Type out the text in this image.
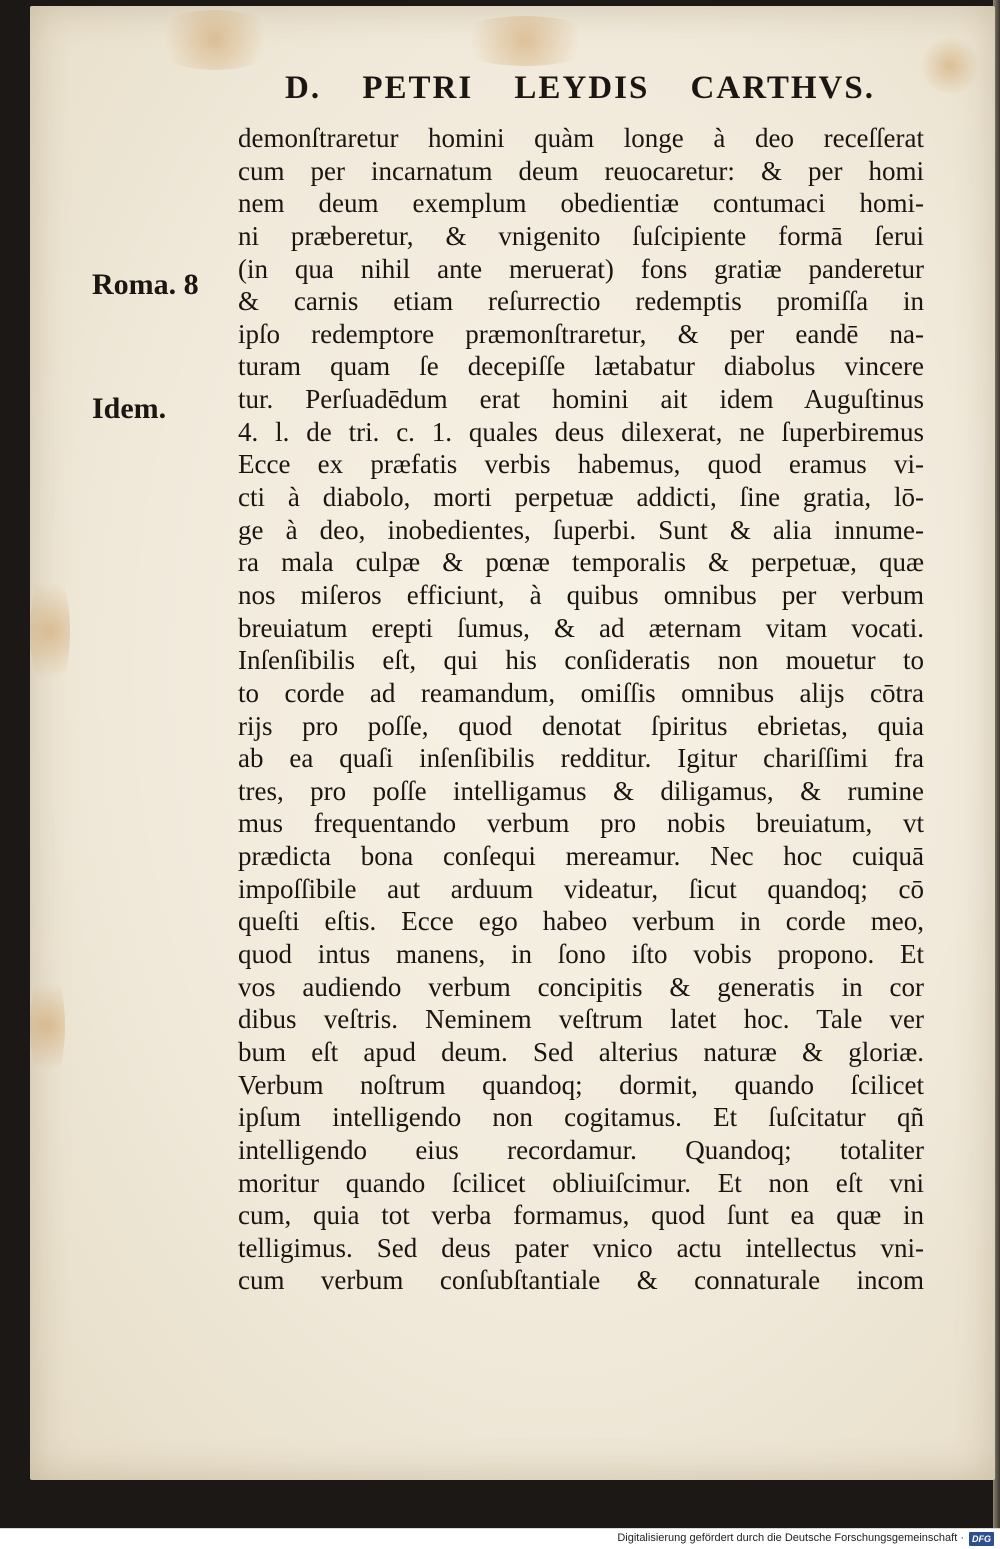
D. PETRI LEYDIS CARTHVS.
Roma. 8
Idem.
demonſtraretur homini quàm longe à deo receſſerat
cum per incarnatum deum reuocaretur: & per homi
nem deum exemplum obedientiæ contumaci homi-
ni præberetur, & vnigenito ſuſcipiente formā ſerui
(in qua nihil ante meruerat) fons gratiæ panderetur
& carnis etiam reſurrectio redemptis promiſſa in
ipſo redemptore præmonſtraretur, & per eandē na-
turam quam ſe decepiſſe lætabatur diabolus vincere
tur. Perſuadēdum erat homini ait idem Auguſtinus
4. l. de tri. c. 1. quales deus dilexerat, ne ſuperbiremus
Ecce ex præfatis verbis habemus, quod eramus vi-
cti à diabolo, morti perpetuæ addicti, ſine gratia, lō-
ge à deo, inobedientes, ſuperbi. Sunt & alia innume-
ra mala culpæ & pœnæ temporalis & perpetuæ, quæ
nos miſeros efficiunt, à quibus omnibus per verbum
breuiatum erepti ſumus, & ad æternam vitam vocati.
Inſenſibilis eſt, qui his conſideratis non mouetur to
to corde ad reamandum, omiſſis omnibus alijs cōtra
rijs pro poſſe, quod denotat ſpiritus ebrietas, quia
ab ea quaſi inſenſibilis redditur. Igitur chariſſimi fra
tres, pro poſſe intelligamus & diligamus, & rumine
mus frequentando verbum pro nobis breuiatum, vt
prædicta bona conſequi mereamur. Nec hoc cuiquā
impoſſibile aut arduum videatur, ſicut quandoq; cō
queſti eſtis. Ecce ego habeo verbum in corde meo,
quod intus manens, in ſono iſto vobis propono. Et
vos audiendo verbum concipitis & generatis in cor
dibus veſtris. Neminem veſtrum latet hoc. Tale ver
bum eſt apud deum. Sed alterius naturæ & gloriæ.
Verbum noſtrum quandoq; dormit, quando ſcilicet
ipſum intelligendo non cogitamus. Et ſuſcitatur qñ
intelligendo eius recordamur. Quandoq; totaliter
moritur quando ſcilicet obliuiſcimur. Et non eſt vni
cum, quia tot verba formamus, quod ſunt ea quæ in
telligimus. Sed deus pater vnico actu intellectus vni-
cum verbum conſubſtantiale & connaturale incom
Digitalisierung gefördert durch die Deutsche Forschungsgemeinschaft · DFG
